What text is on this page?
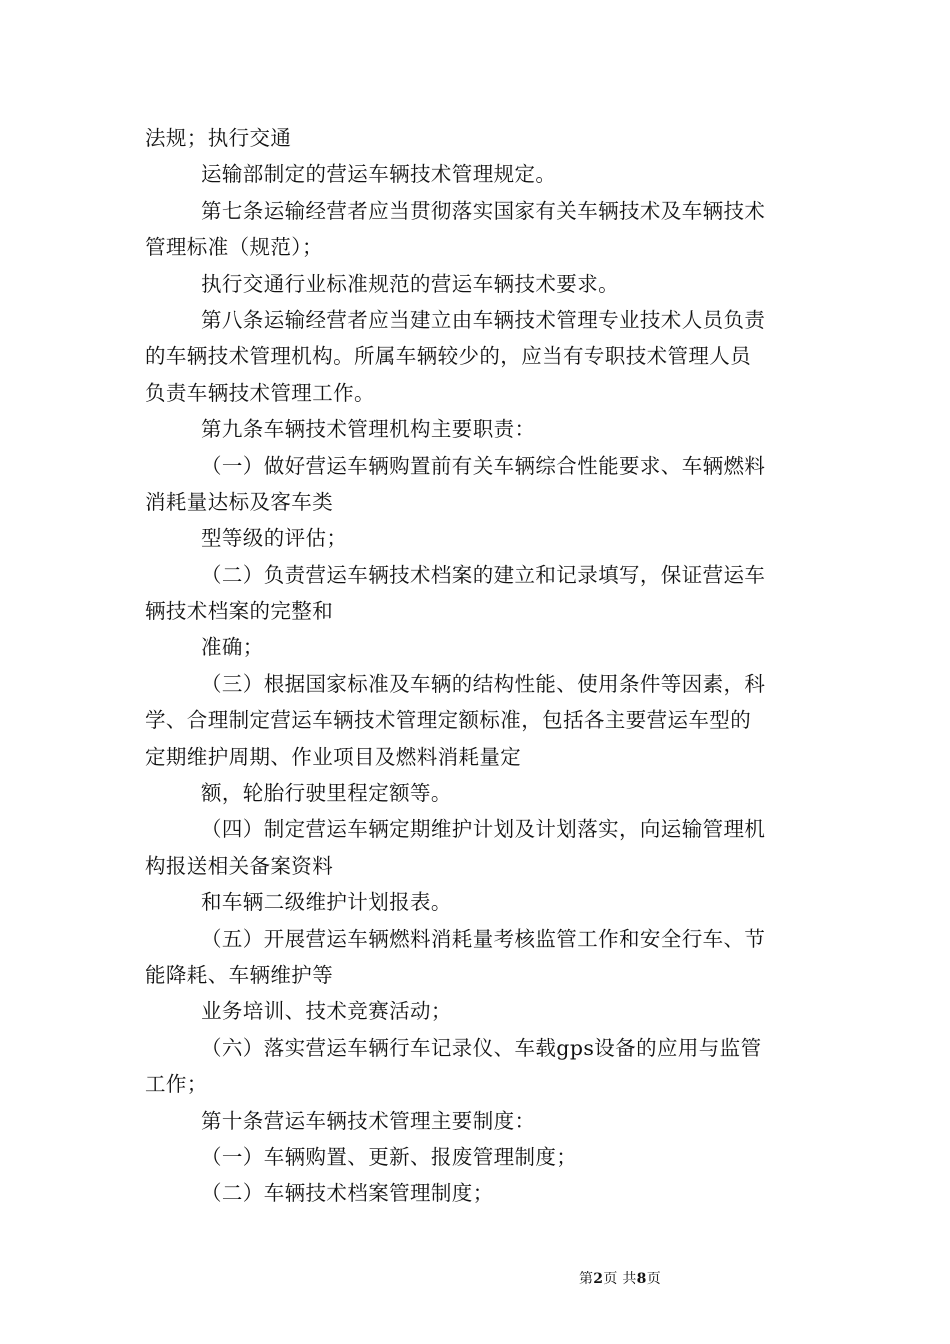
法规；执行交通
运输部制定的营运车辆技术管理规定。
第七条运输经营者应当贯彻落实国家有关车辆技术及车辆技术
管理标准（规范）；
执行交通行业标准规范的营运车辆技术要求。
第八条运输经营者应当建立由车辆技术管理专业技术人员负责
的车辆技术管理机构。所属车辆较少的，应当有专职技术管理人员
负责车辆技术管理工作。
第九条车辆技术管理机构主要职责：
（一）做好营运车辆购置前有关车辆综合性能要求、车辆燃料
消耗量达标及客车类
型等级的评估；
（二）负责营运车辆技术档案的建立和记录填写，保证营运车
辆技术档案的完整和
准确；
（三）根据国家标准及车辆的结构性能、使用条件等因素，科
学、合理制定营运车辆技术管理定额标准，包括各主要营运车型的
定期维护周期、作业项目及燃料消耗量定
额，轮胎行驶里程定额等。
（四）制定营运车辆定期维护计划及计划落实，向运输管理机
构报送相关备案资料
和车辆二级维护计划报表。
（五）开展营运车辆燃料消耗量考核监管工作和安全行车、节
能降耗、车辆维护等
业务培训、技术竞赛活动；
（六）落实营运车辆行车记录仪、车载gps设备的应用与监管
工作；
第十条营运车辆技术管理主要制度：
（一）车辆购置、更新、报废管理制度；
（二）车辆技术档案管理制度；
第2页 共8页
